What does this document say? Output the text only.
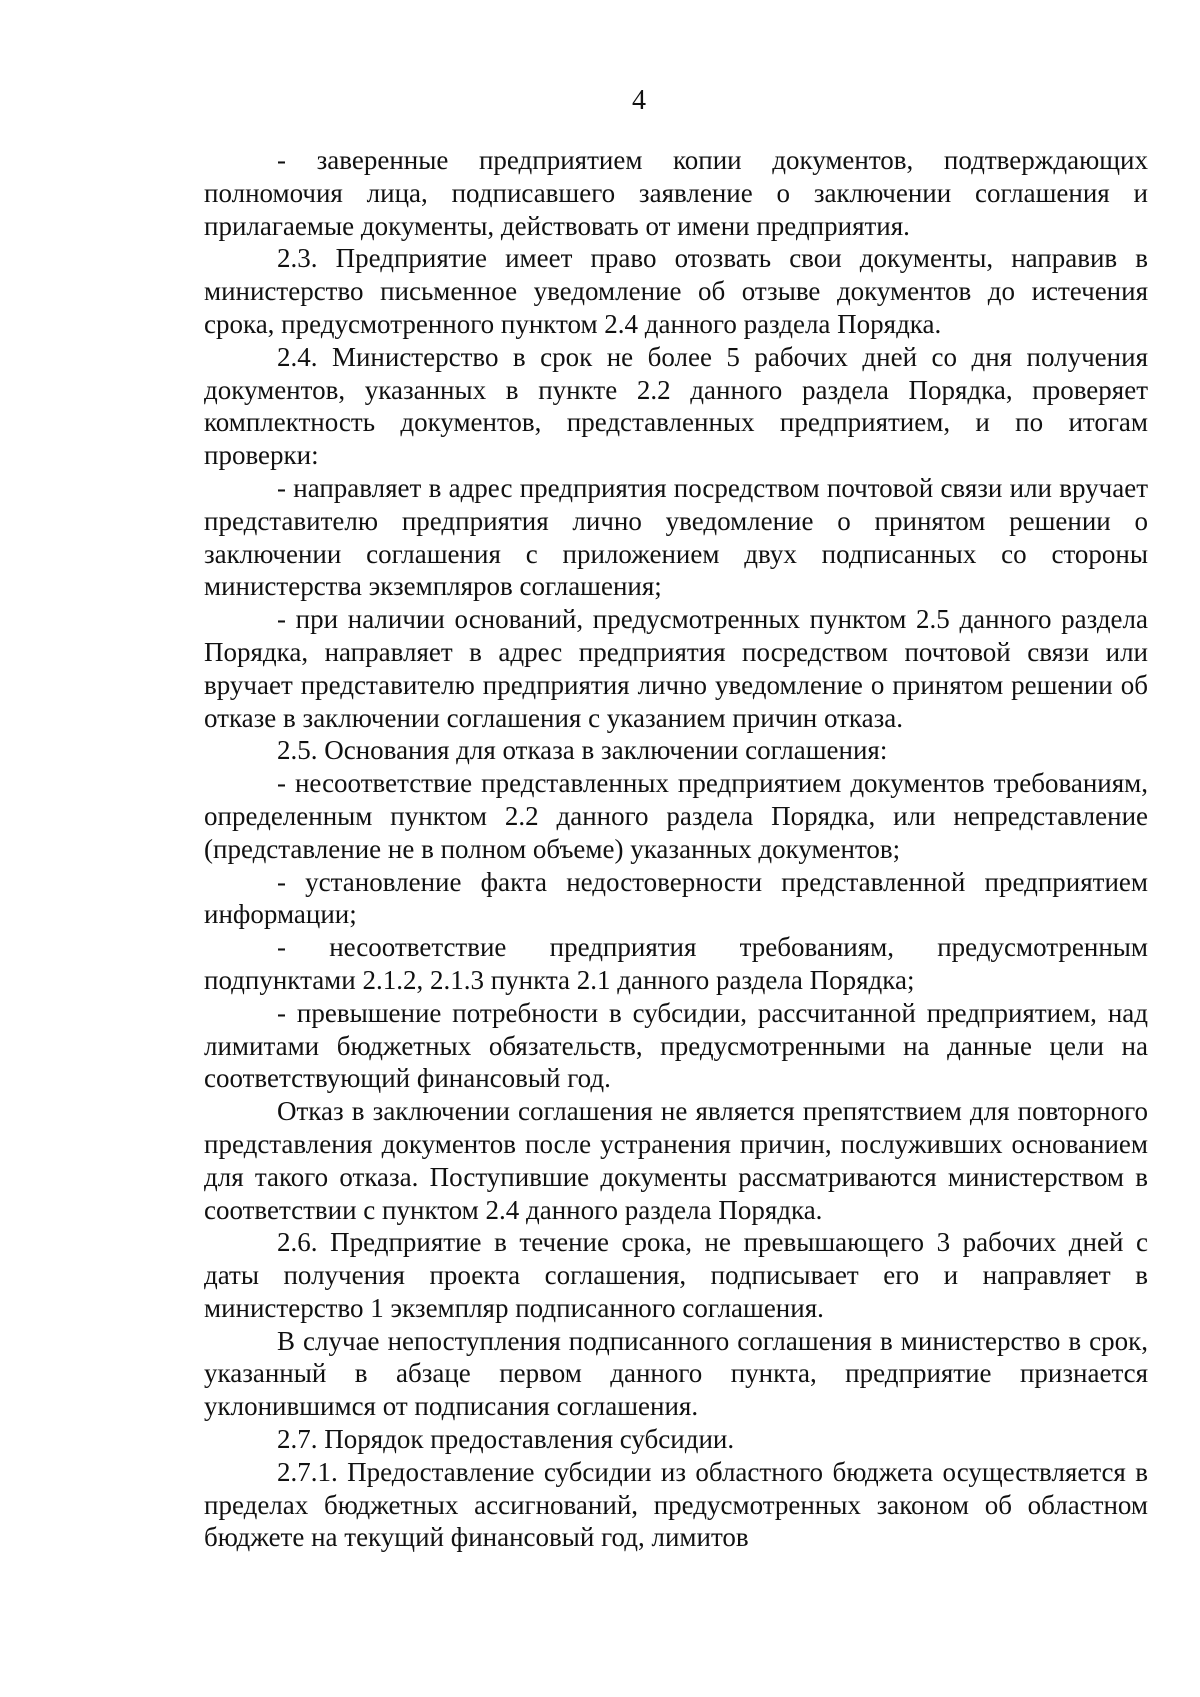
4

- заверенные предприятием копии документов, подтверждающих полномочия лица, подписавшего заявление о заключении соглашения и прилагаемые документы, действовать от имени предприятия.

2.3. Предприятие имеет право отозвать свои документы, направив в министерство письменное уведомление об отзыве документов до истечения срока, предусмотренного пунктом 2.4 данного раздела Порядка.

2.4. Министерство в срок не более 5 рабочих дней со дня получения документов, указанных в пункте 2.2 данного раздела Порядка, проверяет комплектность документов, представленных предприятием, и по итогам проверки:

- направляет в адрес предприятия посредством почтовой связи или вручает представителю предприятия лично уведомление о принятом решении о заключении соглашения с приложением двух подписанных со стороны министерства экземпляров соглашения;

- при наличии оснований, предусмотренных пунктом 2.5 данного раздела Порядка, направляет в адрес предприятия посредством почтовой связи или вручает представителю предприятия лично уведомление о принятом решении об отказе в заключении соглашения с указанием причин отказа.

2.5. Основания для отказа в заключении соглашения:

- несоответствие представленных предприятием документов требованиям, определенным пунктом 2.2 данного раздела Порядка, или непредставление (представление не в полном объеме) указанных документов;

- установление факта недостоверности представленной предприятием информации;

- несоответствие предприятия требованиям, предусмотренным подпунктами 2.1.2, 2.1.3 пункта 2.1 данного раздела Порядка;

- превышение потребности в субсидии, рассчитанной предприятием, над лимитами бюджетных обязательств, предусмотренными на данные цели на соответствующий финансовый год.

Отказ в заключении соглашения не является препятствием для повторного представления документов после устранения причин, послуживших основанием для такого отказа. Поступившие документы рассматриваются министерством в соответствии с пунктом 2.4 данного раздела Порядка.

2.6. Предприятие в течение срока, не превышающего 3 рабочих дней с даты получения проекта соглашения, подписывает его и направляет в министерство 1 экземпляр подписанного соглашения.

В случае непоступления подписанного соглашения в министерство в срок, указанный в абзаце первом данного пункта, предприятие признается уклонившимся от подписания соглашения.

2.7. Порядок предоставления субсидии.

2.7.1. Предоставление субсидии из областного бюджета осуществляется в пределах бюджетных ассигнований, предусмотренных законом об областном бюджете на текущий финансовый год, лимитов
